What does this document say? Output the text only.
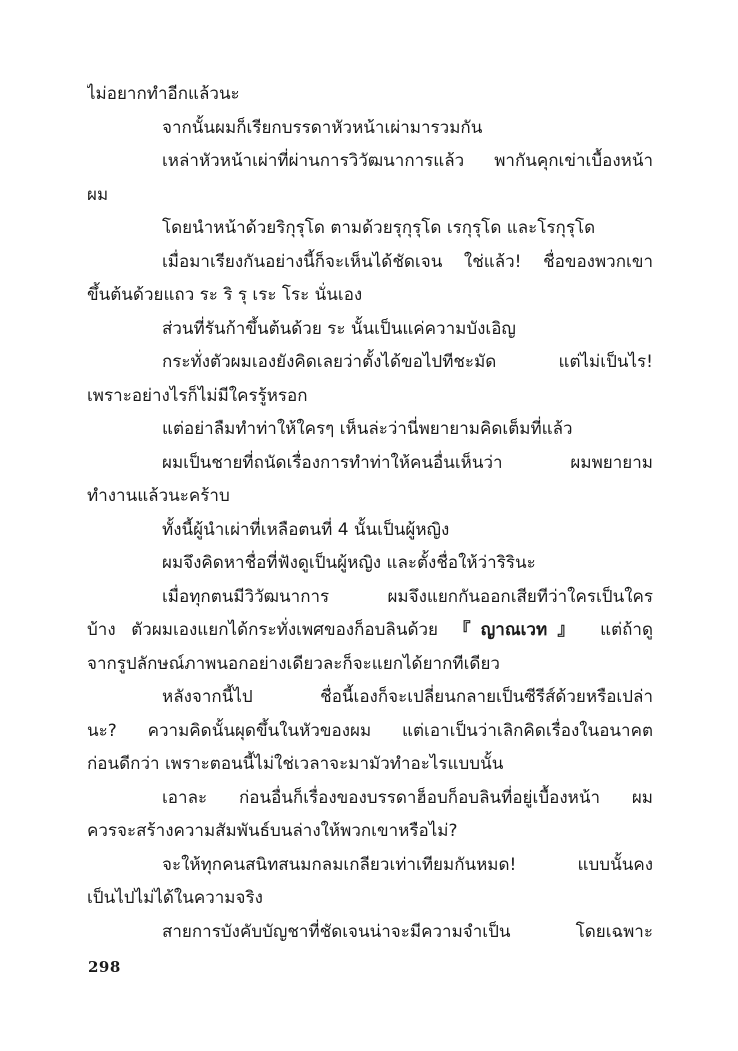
ไม่อยากทำอีกแล้วนะ
จากนั้นผมก็เรียกบรรดาหัวหน้าเผ่ามารวมกัน
เหล่าหัวหน้าเผ่าที่ผ่านการวิวัฒนาการแล้ว พากันคุกเข่าเบื้องหน้า
ผม
โดยนำหน้าด้วยริกุรุโด ตามด้วยรุกุรุโด เรกุรุโด และโรกุรุโด
เมื่อมาเรียงกันอย่างนี้ก็จะเห็นได้ชัดเจน ใช่แล้ว! ชื่อของพวกเขา
ขึ้นต้นด้วยแถว ระ ริ รุ เระ โระ นั่นเอง
ส่วนที่รันก้าขึ้นต้นด้วย ระ นั้นเป็นแค่ความบังเอิญ
กระทั่งตัวผมเองยังคิดเลยว่าตั้งได้ขอไปทีชะมัด แต่ไม่เป็นไร!
เพราะอย่างไรก็ไม่มีใครรู้หรอก
แต่อย่าลืมทำท่าให้ใครๆ เห็นล่ะว่านี่พยายามคิดเต็มที่แล้ว
ผมเป็นชายที่ถนัดเรื่องการทำท่าให้คนอื่นเห็นว่า ผมพยายาม
ทำงานแล้วนะคร้าบ
ทั้งนี้ผู้นำเผ่าที่เหลือตนที่ 4 นั้นเป็นผู้หญิง
ผมจึงคิดหาชื่อที่ฟังดูเป็นผู้หญิง และตั้งชื่อให้ว่าริรินะ
เมื่อทุกตนมีวิวัฒนาการ ผมจึงแยกกันออกเสียทีว่าใครเป็นใคร
บ้าง ตัวผมเองแยกได้กระทั่งเพศของก็อบลินด้วย 『ญาณเวท』 แต่ถ้าดู
จากรูปลักษณ์ภาพนอกอย่างเดียวละก็จะแยกได้ยากทีเดียว
หลังจากนี้ไป ชื่อนี้เองก็จะเปลี่ยนกลายเป็นซีรีส์ด้วยหรือเปล่า
นะ? ความคิดนั้นผุดขึ้นในหัวของผม แต่เอาเป็นว่าเลิกคิดเรื่องในอนาคต
ก่อนดีกว่า เพราะตอนนี้ไม่ใช่เวลาจะมามัวทำอะไรแบบนั้น
เอาละ ก่อนอื่นก็เรื่องของบรรดาฮ็อบก็อบลินที่อยู่เบื้องหน้า ผม
ควรจะสร้างความสัมพันธ์บนล่างให้พวกเขาหรือไม่?
จะให้ทุกคนสนิทสนมกลมเกลียวเท่าเทียมกันหมด! แบบนั้นคง
เป็นไปไม่ได้ในความจริง
สายการบังคับบัญชาที่ชัดเจนน่าจะมีความจำเป็น โดยเฉพาะ
298
